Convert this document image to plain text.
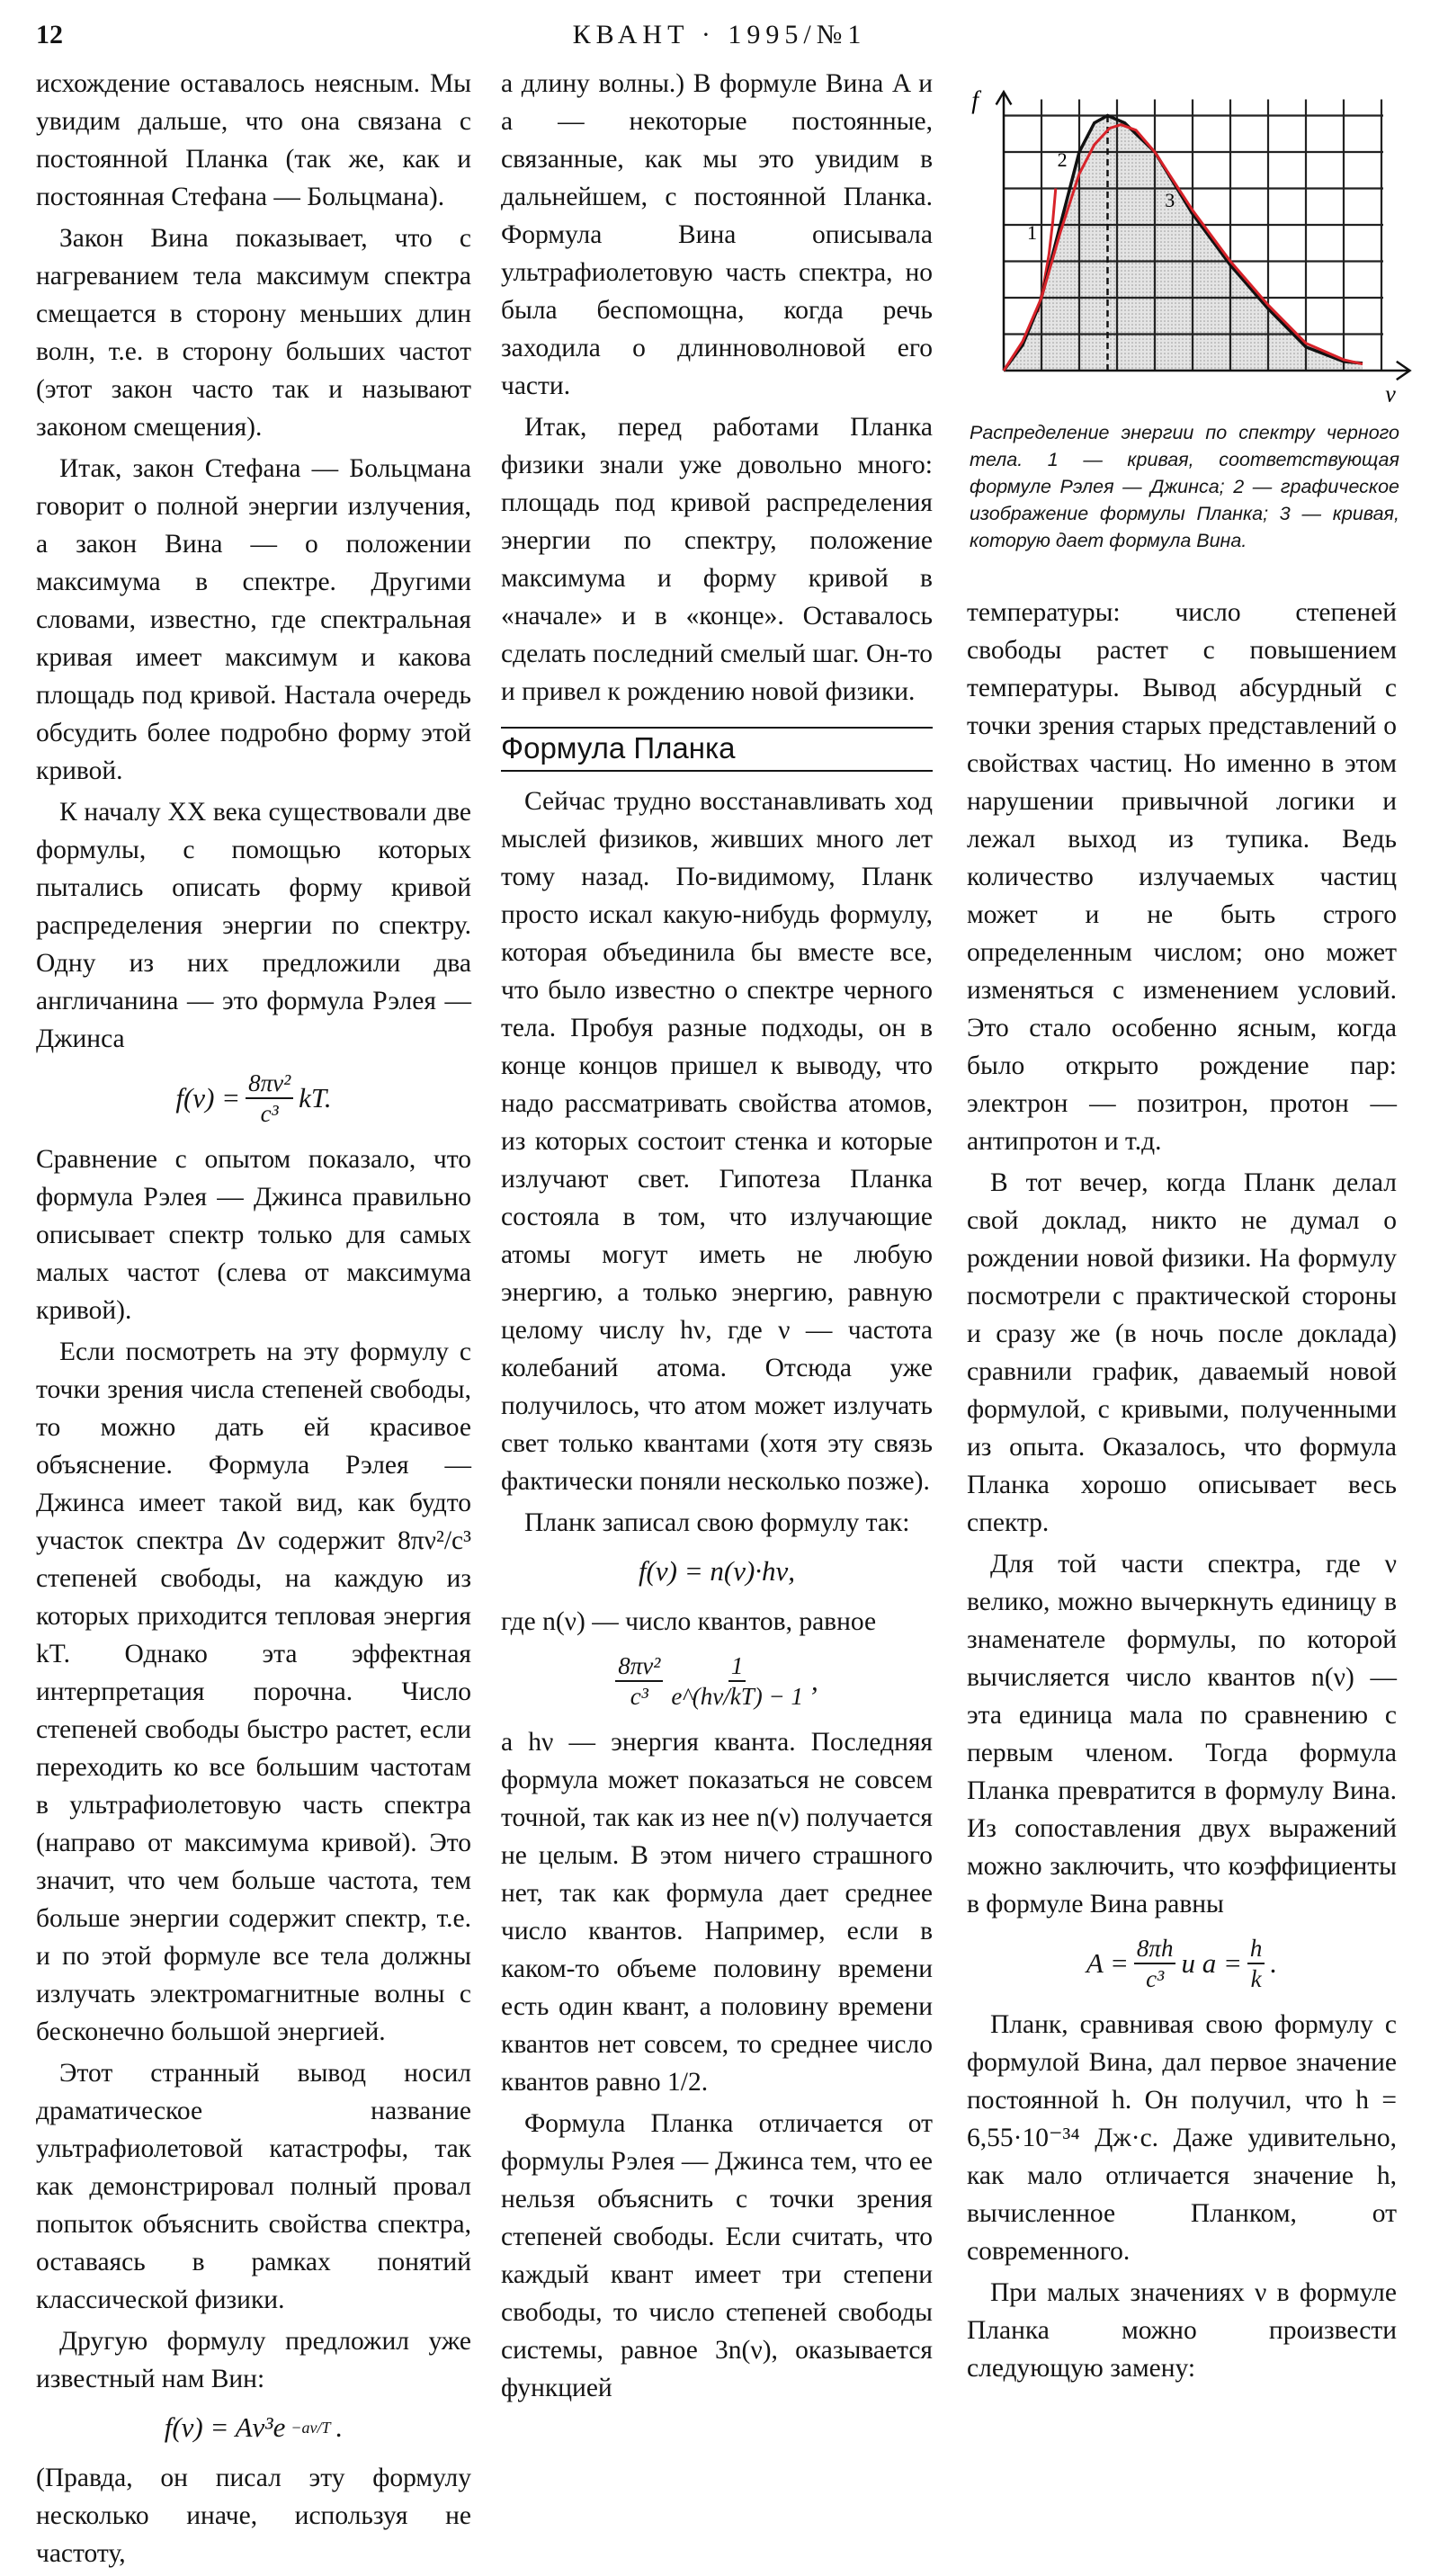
12	КВАНТ · 1995/№1

исхождение оставалось неясным. Мы увидим дальше, что она связана с постоянной Планка (так же, как и постоянная Стефана — Больцмана).

Закон Вина показывает, что с нагреванием тела максимум спектра смещается в сторону меньших длин волн, т.е. в сторону больших частот (этот закон часто так и называют законом смещения).

Итак, закон Стефана — Больцмана говорит о полной энергии излучения, а закон Вина — о положении максимума в спектре. Другими словами, известно, где спектральная кривая имеет максимум и какова площадь под кривой. Настала очередь обсудить более подробно форму этой кривой.

К началу XX века существовали две формулы, с помощью которых пытались описать форму кривой распределения энергии по спектру. Одну из них предложили два англичанина — это формула Рэлея — Джинса

$f(\nu) = \frac{\text{8πν²}}{\text{c³}}$ kT.

Сравнение с опытом показало, что формула Рэлея — Джинса правильно описывает спектр только для самых малых частот (слева от максимума кривой).

Если посмотреть на эту формулу с точки зрения числа степеней свободы, то можно дать ей красивое объяснение. Формула Рэлея — Джинса имеет такой вид, как будто участок спектра Δν содержит 8πν²/c³ степеней свободы, на каждую из которых приходится тепловая энергия kT. Однако эта эффектная интерпретация порочна. Число степеней свободы быстро растет, если переходить ко все большим частотам в ультрафиолетовую часть спектра (направо от максимума кривой). Это значит, что чем больше частота, тем больше энергии содержит спектр, т.е. и по этой формуле все тела должны излучать электромагнитные волны с бесконечно большой энергией.

Этот странный вывод носил драматическое название ультрафиолетовой катастрофы, так как демонстрировал полный провал попыток объяснить свойства спектра, оставаясь в рамках понятий классической физики.

Другую формулу предложил уже известный нам Вин:

f(ν) = Aν³e −aν/T .

(Правда, он писал эту формулу несколько иначе, используя не частоту,

а длину волны.) В формуле Вина A и a — некоторые постоянные, связанные, как мы это увидим в дальнейшем, с постоянной Планка. Формула Вина описывала ультрафиолетовую часть спектра, но была беспомощна, когда речь заходила о длинноволновой его части.

Итак, перед работами Планка физики знали уже довольно много: площадь под кривой распределения энергии по спектру, положение максимума и форму кривой в «начале» и в «конце». Оставалось сделать последний смелый шаг. Он-то и привел к рождению новой физики.

Формула Планка

Сейчас трудно восстанавливать ход мыслей физиков, живших много лет тому назад. По-видимому, Планк просто искал какую-нибудь формулу, которая объединила бы вместе все, что было известно о спектре черного тела. Пробуя разные подходы, он в конце концов пришел к выводу, что надо рассматривать свойства атомов, из которых состоит стенка и которые излучают свет. Гипотеза Планка состояла в том, что излучающие атомы могут иметь не любую энергию, а только энергию, равную целому числу hν, где ν — частота колебаний атома. Отсюда уже получилось, что атом может излучать свет только квантами (хотя эту связь фактически поняли несколько позже).

Планк записал свою формулу так:

f(ν) = n(ν)·hν,

где n(ν) — число квантов, равное

$\frac{\text{8πν²}}{\text{c³}} \frac{1}{e\^{}(h\nu/kT) - 1}$ ,

а hν — энергия кванта. Последняя формула может показаться не совсем точной, так как из нее n(ν) получается не целым. В этом ничего страшного нет, так как формула дает среднее число квантов. Например, если в каком-то объеме половину времени есть один квант, а половину времени квантов нет совсем, то среднее число квантов равно 1/2.

Формула Планка отличается от формулы Рэлея — Джинса тем, что ее нельзя объяснить с точки зрения степеней свободы. Если считать, что каждый квант имеет три степени свободы, то число степеней свободы системы, равное 3n(ν), оказывается функцией

ν
f
1
2
3
Распределение энергии по спектру черного тела. 1 — кривая, соответствующая формуле Рэлея — Джинса; 2 — графическое изображение формулы Планка; 3 — кривая, которую дает формула Вина.

температуры: число степеней свободы растет с повышением температуры. Вывод абсурдный с точки зрения старых представлений о свойствах частиц. Но именно в этом нарушении привычной логики и лежал выход из тупика. Ведь количество излучаемых частиц может и не быть строго определенным числом; оно может изменяться с изменением условий. Это стало особенно ясным, когда было открыто рождение пар: электрон — позитрон, протон — антипротон и т.д.

В тот вечер, когда Планк делал свой доклад, никто не думал о рождении новой физики. На формулу посмотрели с практической стороны и сразу же (в ночь после доклада) сравнили график, даваемый новой формулой, с кривыми, полученными из опыта. Оказалось, что формула Планка хорошо описывает весь спектр.

Для той части спектра, где ν велико, можно вычеркнуть единицу в знаменателе формулы, по которой вычисляется число квантов n(ν) — эта единица мала по сравнению с первым членом. Тогда формула Планка превратится в формулу Вина. Из сопоставления двух выражений можно заключить, что коэффициенты в формуле Вина равны

$A = \frac{8\pi h}{\text{c³}}$ и $a = \frac{h}{k}$ .

Планк, сравнивая свою формулу с формулой Вина, дал первое значение постоянной h. Он получил, что h = 6,55·10⁻³⁴ Дж·с. Даже удивительно, как мало отличается значение h, вычисленное Планком, от современного.

При малых значениях ν в формуле Планка можно произвести следующую замену:
